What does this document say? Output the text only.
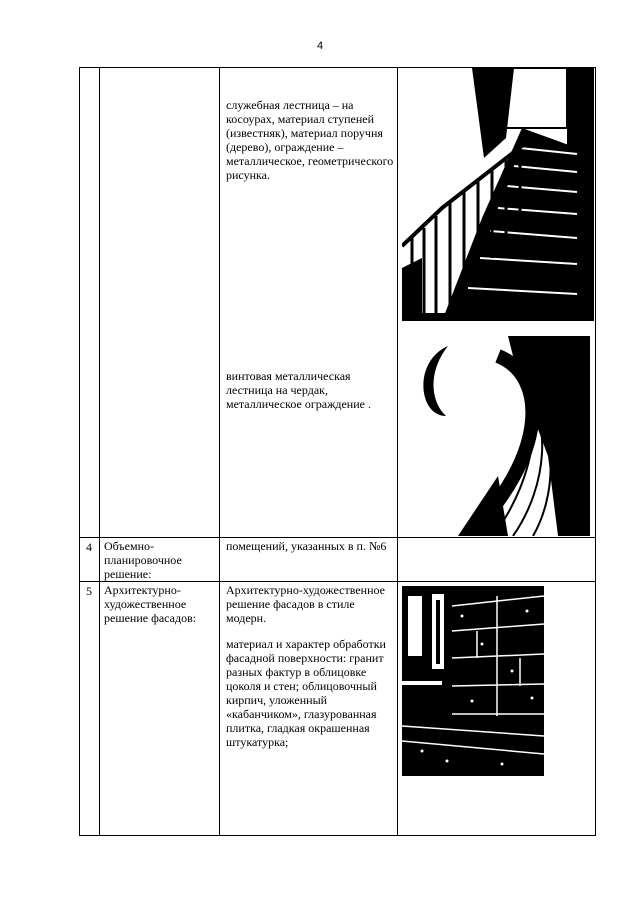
4

		служебная лестница – на косоурах, материал ступеней (известняк), материал поручня (дерево), ограждение – металлическое, геометрического рисунка.
винтовая металлическая лестница на чердак, металлическое ограждение .

4	Объемно-планировочное решение:	помещений, указанных в п. №6	

5	Архитектурно-художественное решение фасадов:	Архитектурно-художественное решение фасадов в стиле модерн.
материал и характер обработки фасадной поверхности: гранит разных фактур в облицовке цоколя и стен; облицовочный кирпич, уложенный «кабанчиком», глазурованная плитка, гладкая окрашенная штукатурка;
